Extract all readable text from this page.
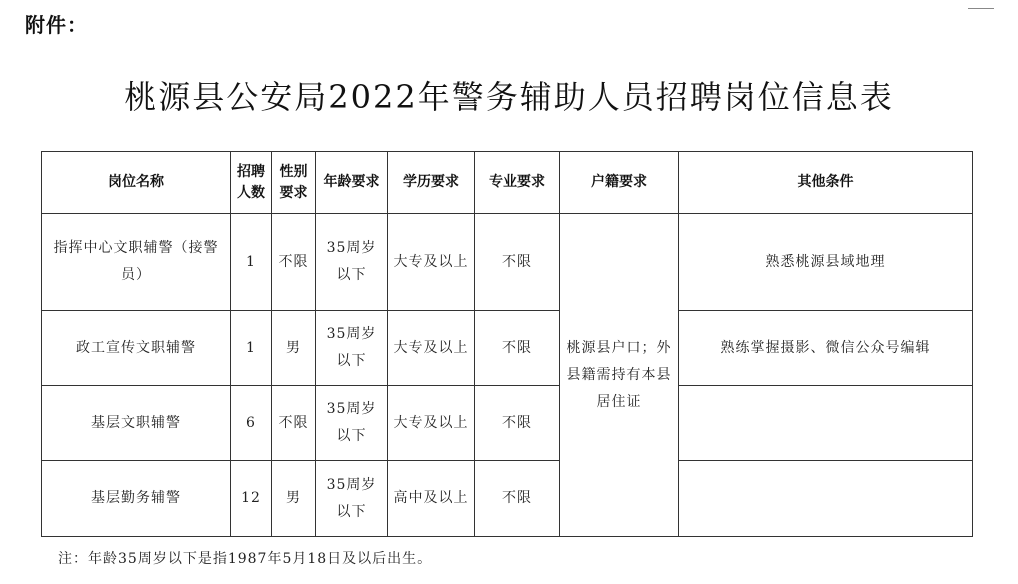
附件：
桃源县公安局2022年警务辅助人员招聘岗位信息表
岗位名称	招聘人数	性别要求	年龄要求	学历要求	专业要求	户籍要求	其他条件
指挥中心文职辅警（接警员）	1	不限	35周岁以下	大专及以上	不限	桃源县户口；外县籍需持有本县居住证	熟悉桃源县域地理
政工宣传文职辅警	1	男	35周岁以下	大专及以上	不限		熟练掌握摄影、微信公众号编辑
基层文职辅警	6	不限	35周岁以下	大专及以上	不限		
基层勤务辅警	12	男	35周岁以下	高中及以上	不限		
注：年龄35周岁以下是指1987年5月18日及以后出生。
